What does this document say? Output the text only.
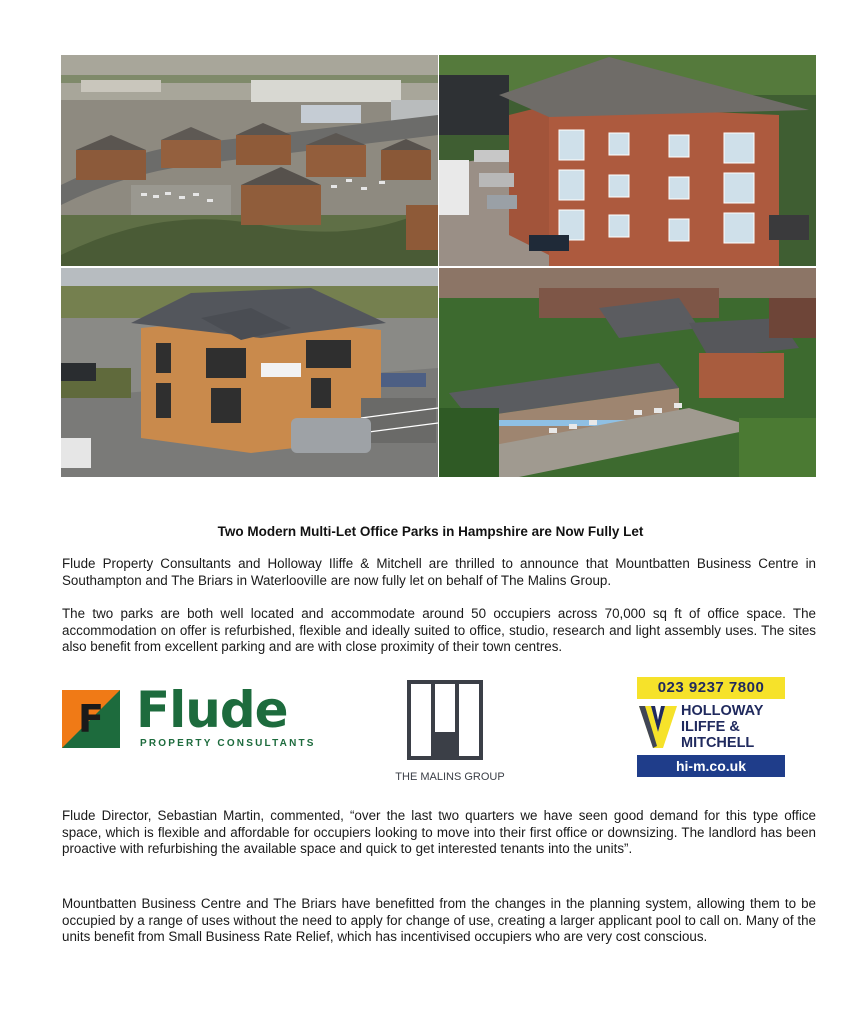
Two Modern Multi-Let Office Parks in Hampshire are Now Fully Let

Flude Property Consultants and Holloway Iliffe & Mitchell are thrilled to announce that Mountbatten Business Centre in Southampton and The Briars in Waterlooville are now fully let on behalf of The Malins Group.

The two parks are both well located and accommodate around 50 occupiers across 70,000 sq ft of office space. The accommodation on offer is refurbished, flexible and ideally suited to office, studio, research and light assembly uses. The sites also benefit from excellent parking and are with close proximity of their town centres.

F Flude
PROPERTY CONSULTANTS
THE MALINS GROUP
023 9237 7800
HOLLOWAY
ILIFFE &
MITCHELL
hi-m.co.uk

Flude Director, Sebastian Martin, commented, “over the last two quarters we have seen good demand for this type office space, which is flexible and affordable for occupiers looking to move into their first office or downsizing. The landlord has been proactive with refurbishing the available space and quick to get interested tenants into the units”.

Mountbatten Business Centre and The Briars have benefitted from the changes in the planning system, allowing them to be occupied by a range of uses without the need to apply for change of use, creating a larger applicant pool to call on. Many of the units benefit from Small Business Rate Relief, which has incentivised occupiers who are very cost conscious.
